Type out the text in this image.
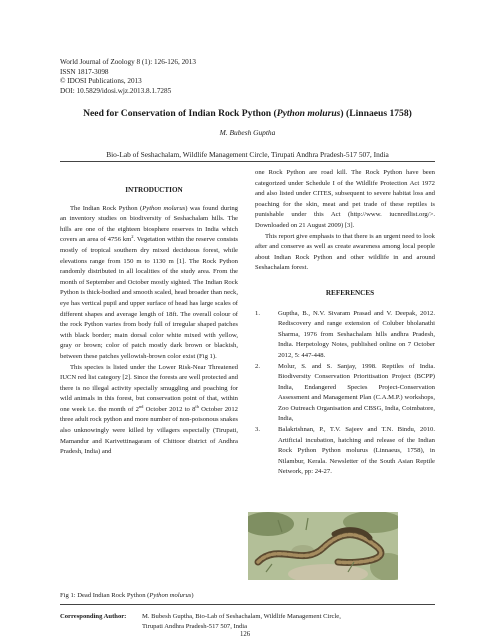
World Journal of Zoology 8 (1): 126-126, 2013
ISSN 1817-3098
© IDOSI Publications, 2013
DOI: 10.5829/idosi.wjz.2013.8.1.7285
Need for Conservation of Indian Rock Python (Python molurus) (Linnaeus 1758)
M. Bubesh Guptha
Bio-Lab of Seshachalam, Wildlife Management Circle, Tirupati Andhra Pradesh-517 507, India

INTRODUCTION

The Indian Rock Python (Python molurus) was found during an inventory studies on biodiversity of Seshachalam hills. The hills are one of the eighteen biosphere reserves in India which covers an area of 4756 $km^2$. Vegetation within the reserve consists mostly of tropical southern dry mixed deciduous forest, while elevations range from 150 m to 1130 m [1]. The Rock Python randomly distributed in all localities of the study area. From the month of September and October mostly sighted. The Indian Rock Python is thick-bodied and smooth scaled, head broader than neck, eye has vertical pupil and upper surface of head has large scales of different shapes and average length of 18ft. The overall colour of the rock Python varies from body full of irregular shaped patches with black border; main dorsal color white mixed with yellow, gray or brown; color of patch mostly dark brown or blackish, between these patches yellowish-brown color exist (Fig 1).

This species is listed under the Lower Risk-Near Threatened IUCN red list category [2]. Since the forests are well protected and there is no illegal activity specially smuggling and poaching for wild animals in this forest, but conservation point of that, within one week i.e. the month of 2nd October 2012 to 8th October 2012 three adult rock python and more number of non-poisonous snakes also unknowingly were killed by villagers especially (Tirupati, Mamandur and Karivettinagaram of Chittoor district of Andhra Pradesh, India) and

one Rock Python are road kill. The Rock Python have been categorized under Schedule I of the Wildlife Protection Act 1972 and also listed under CITES, subsequent to severe habitat loss and poaching for the skin, meat and pet trade of these reptiles is punishable under this Act (http://www. iucnredlist.org/>. Downloaded on 21 August 2009) [3].

This report give emphasis to that there is an urgent need to look after and conserve as well as create awareness among local people about Indian Rock Python and other wildlife in and around Seshachalam forest.

REFERENCES

1.	Guptha, B., N.V. Sivaram Prasad and V. Deepak, 2012. Rediscovery and range extension of Coluber bholanathi Sharma, 1976 from Seshachalam hills andhra Pradesh, India. Herpetology Notes, published online on 7 October 2012, 5: 447-448.
2.	Molur, S. and S. Sanjay, 1998. Reptiles of India. Biodiversity Conservation Prioritisation Project (BCPP) India, Endangered Species Project-Conservation Assessment and Management Plan (C.A.M.P.) workshops, Zoo Outreach Organisation and CBSG, India, Coimbatore, India,
3.	Balakrishnan, P., T.V. Sajeev and T.N. Bindu, 2010. Artificial incubation, hatching and release of the Indian Rock Python Python molurus (Linnaeus, 1758), in Nilambur, Kerala. Newsletter of the South Asian Reptile Network, pp: 24-27.
Fig 1: Dead Indian Rock Python (Python molurus)
Corresponding Author: M. Bubesh Guptha, Bio-Lab of Seshachalam, Wildlife Management Circle,
Tirupati Andhra Pradesh-517 507, India
126
